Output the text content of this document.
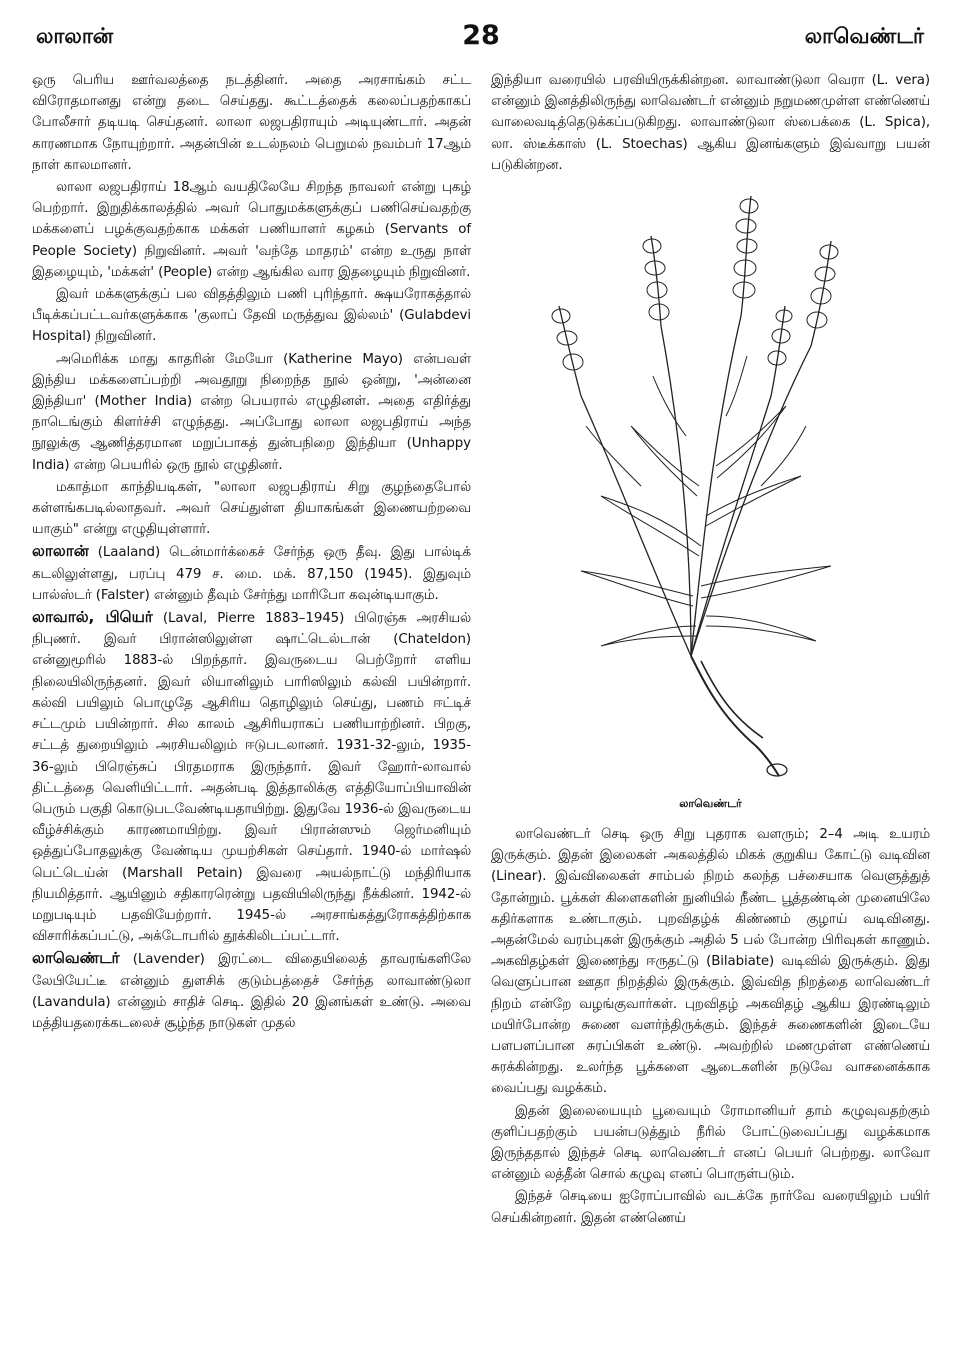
லாலான்	28	லாவெண்டர்

ஒரு பெரிய ஊர்வலத்தை நடத்தினர். அதை அரசாங்கம் சட்ட விரோதமானது என்று தடை செய்தது. கூட்டத்தைக் கலைப்பதற்காகப் போலீசார் தடியடி செய்தனர். லாலா லஜபதிராயும் அடியுண்டார். அதன் காரணமாக நோயுற்றார். அதன்பின் உடல்நலம் பெறுமல் நவம்பர் 17ஆம் நாள் காலமானர்.

லாலா லஜபதிராய் 18ஆம் வயதிலேயே சிறந்த நாவலர் என்று புகழ் பெற்றார். இறுதிக்காலத்தில் அவர் பொதுமக்களுக்குப் பணிசெய்வதற்கு மக்களைப் பழக்குவதற்காக மக்கள் பணியாளர் கழகம் (Servants of People Society) நிறுவினர். அவர் 'வந்தே மாதரம்' என்ற உருது நாள் இதழையும், 'மக்கள்' (People) என்ற ஆங்கில வார இதழையும் நிறுவினர்.

இவர் மக்களுக்குப் பல விதத்திலும் பணி புரிந்தார். க்ஷயரோகத்தால் பீடிக்கப்பட்டவர்களுக்காக 'குலாப் தேவி மருத்துவ இல்லம்' (Gulabdevi Hospital) நிறுவினர்.

அமெரிக்க மாது காதரின் மேயோ (Katherine Mayo) என்பவள் இந்திய மக்களைப்பற்றி அவதூறு நிறைந்த நூல் ஒன்று, 'அன்னை இந்தியா' (Mother India) என்ற பெயரால் எழுதினள். அதை எதிர்த்து நாடெங்கும் கிளர்ச்சி எழுந்தது. அப்போது லாலா லஜபதிராய் அந்த நூலுக்கு ஆணித்தரமான மறுப்பாகத் துன்பநிறை இந்தியா (Unhappy India) என்ற பெயரில் ஒரு நூல் எழுதினர்.

மகாத்மா காந்தியடிகள், "லாலா லஜபதிராய் சிறு குழந்தைபோல் கள்ளங்கபடில்லாதவர். அவர் செய்துள்ள தியாகங்கள் இணையற்றவை யாகும்" என்று எழுதியுள்ளார்.

லாலான் (Laaland) டென்மார்க்கைச் சேர்ந்த ஒரு தீவு. இது பால்டிக் கடலிலுள்ளது, பரப்பு 479 ச. மை. மக். 87,150 (1945). இதுவும் பால்ஸ்டர் (Falster) என்னும் தீவும் சேர்ந்து மாரிபோ கவுன்டியாகும்.

லாவால், பியெர் (Laval, Pierre 1883–1945) பிரெஞ்சு அரசியல் நிபுணர். இவர் பிரான்ஸிலுள்ள ஷாட்டெல்டான் (Chateldon) என்னுமூரில் 1883-ல் பிறந்தார். இவருடைய பெற்றோர் எளிய நிலையிலிருந்தனர். இவர் லியானிலும் பாரிஸிலும் கல்வி பயின்றார். கல்வி பயிலும் பொழுதே ஆசிரிய தொழிலும் செய்து, பணம் ஈட்டிச் சட்டமும் பயின்றார். சில காலம் ஆசிரியராகப் பணியாற்றினர். பிறகு, சட்டத் துறையிலும் அரசியலிலும் ஈடுபடலானர். 1931-32-லும், 1935-36-லும் பிரெஞ்சுப் பிரதமராக இருந்தார். இவர் ஹோர்-லாவால் திட்டத்தை வெளியிட்டார். அதன்படி இத்தாலிக்கு எத்தியோப்பியாவின் பெரும் பகுதி கொடுபடவேண்டியதாயிற்று. இதுவே 1936-ல் இவருடைய வீழ்ச்சிக்கும் காரணமாயிற்று. இவர் பிரான்ஸும் ஜெர்மனியும் ஒத்துப்போதலுக்கு வேண்டிய முயற்சிகள் செய்தார். 1940-ல் மார்ஷல் பெட்டெய்ன் (Marshall Petain) இவரை அயல்நாட்டு மந்திரியாக நியமித்தார். ஆயினும் சதிகாரரென்று பதவியிலிருந்து நீக்கினர். 1942-ல் மறுபடியும் பதவியேற்றார். 1945-ல் அரசாங்கத்துரோகத்திற்காக விசாரிக்கப்பட்டு, அக்டோபரில் தூக்கிலிடப்பட்டார்.

லாவெண்டர் (Lavender) இரட்டை விதையிலைத் தாவரங்களிலே லேபியேட்டீ என்னும் துளசிக் குடும்பத்தைச் சேர்ந்த லாவாண்டுலா (Lavandula) என்னும் சாதிச் செடி. இதில் 20 இனங்கள் உண்டு. அவை மத்தியதரைக்கடலைச் சூழ்ந்த நாடுகள் முதல்

இந்தியா வரையில் பரவியிருக்கின்றன. லாவாண்டுலா வெரா (L. vera) என்னும் இனத்திலிருந்து லாவெண்டர் என்னும் நறுமணமுள்ள எண்ணெய் வாலைவடித்தெடுக்கப்படுகிறது. லாவாண்டுலா ஸ்பைக்கை (L. Spica), லா. ஸ்டீக்காஸ் (L. Stoechas) ஆகிய இனங்களும் இவ்வாறு பயன் படுகின்றன.

லாவெண்டர்

லாவெண்டர் செடி ஒரு சிறு புதராக வளரும்; 2–4 அடி உயரம் இருக்கும். இதன் இலைகள் அகலத்தில் மிகக் குறுகிய கோட்டு வடிவின (Linear). இவ்விலைகள் சாம்பல் நிறம் கலந்த பச்சையாக வெளுத்துத் தோன்றும். பூக்கள் கிளைகளின் நுனியில் நீண்ட பூத்தண்டின் முனையிலே கதிர்களாக உண்டாகும். புறவிதழ்க் கிண்ணம் குழாய் வடிவினது. அதன்மேல் வரம்புகள் இருக்கும் அதில் 5 பல் போன்ற பிரிவுகள் காணும். அகவிதழ்கள் இணைந்து ஈருதட்டு (Bilabiate) வடிவில் இருக்கும். இது வெளுப்பான ஊதா நிறத்தில் இருக்கும். இவ்வித நிறத்தை லாவெண்டர் நிறம் என்றே வழங்குவார்கள். புறவிதழ் அகவிதழ் ஆகிய இரண்டிலும் மயிர்போன்ற சுணை வளர்ந்திருக்கும். இந்தச் சுணைகளின் இடையே பளபளப்பான சுரப்பிகள் உண்டு. அவற்றில் மணமுள்ள எண்ணெய் சுரக்கின்றது. உலர்ந்த பூக்களை ஆடைகளின் நடுவே வாசனைக்காக வைப்பது வழக்கம்.

இதன் இலையையும் பூவையும் ரோமானியர் தாம் கழுவுவதற்கும் குளிப்பதற்கும் பயன்படுத்தும் நீரில் போட்டுவைப்பது வழக்கமாக இருந்ததால் இந்தச் செடி லாவெண்டர் எனப் பெயர் பெற்றது. லாவோ என்னும் லத்தீன் சொல் கழுவு எனப் பொருள்படும்.

இந்தச் செடியை ஐரோப்பாவில் வடக்கே நார்வே வரையிலும் பயிர் செய்கின்றனர். இதன் எண்ணெய்
